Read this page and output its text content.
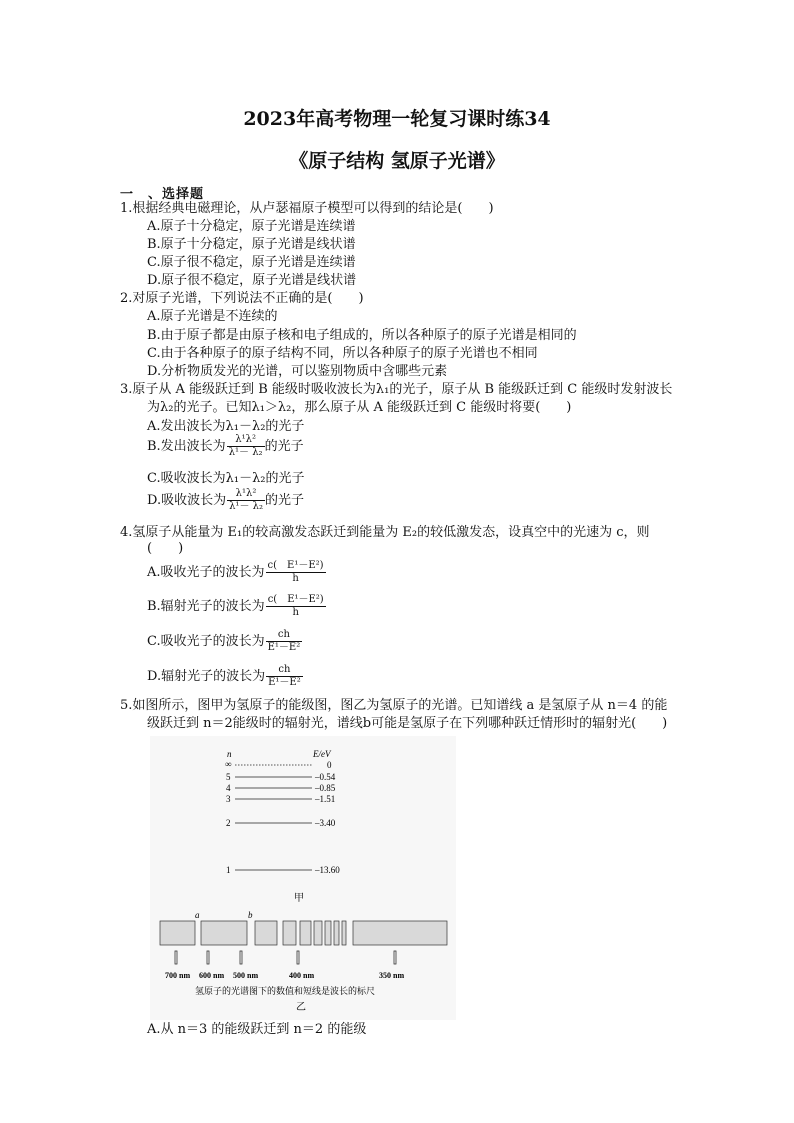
2023年高考物理一轮复习课时练34
《原子结构 氢原子光谱》
一　、选择题
1.根据经典电磁理论，从卢瑟福原子模型可以得到的结论是(　　)
A.原子十分稳定，原子光谱是连续谱
B.原子十分稳定，原子光谱是线状谱
C.原子很不稳定，原子光谱是连续谱
D.原子很不稳定，原子光谱是线状谱
2.对原子光谱，下列说法不正确的是(　　)
A.原子光谱是不连续的
B.由于原子都是由原子核和电子组成的，所以各种原子的原子光谱是相同的
C.由于各种原子的原子结构不同，所以各种原子的原子光谱也不相同
D.分析物质发光的光谱，可以鉴别物质中含哪些元素
3.原子从 A 能级跃迁到 B 能级时吸收波长为λ₁的光子，原子从 B 能级跃迁到 C 能级时发射波长
为λ₂的光子。已知λ₁＞λ₂，那么原子从 A 能级跃迁到 C 能级时将要(　　)
A.发出波长为λ₁－λ₂的光子
B.发出波长为 $\frac{\text{λ¹λ²}}{\text{λ¹－ λ₂}}$ 的光子
C.吸收波长为λ₁－λ₂的光子
D.吸收波长为 $\frac{\text{λ¹λ²}}{\text{λ¹－ λ₂}}$ 的光子
4.氢原子从能量为 E₁的较高激发态跃迁到能量为 E₂的较低激发态，设真空中的光速为 c，则
(　　)
A.吸收光子的波长为 $\frac{\text{c(　E¹－E²)}}{h}$
B.辐射光子的波长为 $\frac{\text{c(　E¹－E²)}}{h}$
C.吸收光子的波长为 $\frac{ch}{\text{E¹－E²}}$
D.辐射光子的波长为 $\frac{ch}{\text{E¹－E²}}$
5.如图所示，图甲为氢原子的能级图，图乙为氢原子的光谱。已知谱线 a 是氢原子从 n＝4 的能
级跃迁到 n＝2能级时的辐射光，谱线b可能是氢原子在下列哪种跃迁情形时的辐射光(　　)
n	E/eV
∞	0
5	–0.54
4	–0.85
3	–1.51
2	–3.40
1	–13.60
甲
a	b
700 nm 600 nm 500 nm	400 nm	350 nm
氢原子的光谱图下的数值和短线是波长的标尺
乙
A.从 n＝3 的能级跃迁到 n＝2 的能级
